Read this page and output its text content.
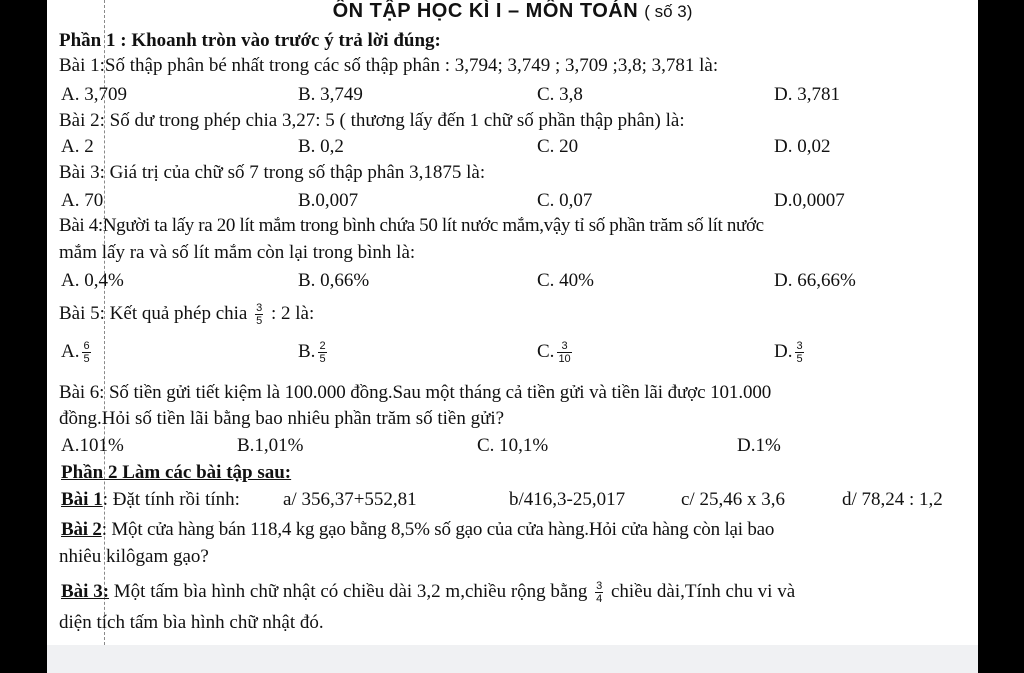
ÔN TẬP HỌC KÌ I – MÔN TOÁN ( số 3)
Phần 1 : Khoanh tròn vào trước ý trả lời đúng:
Bài 1:Số thập phân bé nhất trong các số thập phân : 3,794; 3,749 ; 3,709 ;3,8; 3,781 là:
A. 3,709	B. 3,749	C. 3,8	D. 3,781
Bài 2: Số dư trong phép chia 3,27: 5 ( thương lấy đến 1 chữ số phần thập phân) là:
A. 2	B. 0,2	C. 20	D. 0,02
Bài 3: Giá trị của chữ số 7 trong số thập phân 3,1875 là:
A. 70	B.0,007	C. 0,07	D.0,0007
Bài 4:Người ta lấy ra 20 lít mắm trong bình chứa 50 lít nước mắm,vậy tỉ số phần trăm số lít nước
mắm lấy ra và số lít mắm còn lại trong bình là:
A. 0,4%	B. 0,66%	C. 40%	D. 66,66%
Bài 5: Kết quả phép chia $\frac{3}{5}$ : 2 là:
A. $\frac{6}{5}$	B. $\frac{2}{5}$	C. $\frac{3}{10}$	D. $\frac{3}{5}$
Bài 6: Số tiền gửi tiết kiệm là 100.000 đồng.Sau một tháng cả tiền gửi và tiền lãi được 101.000
đồng.Hỏi số tiền lãi bằng bao nhiêu phần trăm số tiền gửi?
A.101%	B.1,01%	C. 10,1%	D.1%
Phần 2 Làm các bài tập sau:
Bài 1: Đặt tính rồi tính: a/ 356,37+552,81	b/416,3-25,017	c/ 25,46 x 3,6	d/ 78,24 : 1,2
Bài 2: Một cửa hàng bán 118,4 kg gạo bằng 8,5% số gạo của cửa hàng.Hỏi cửa hàng còn lại bao
nhiêu kilôgam gạo?
Bài 3: Một tấm bìa hình chữ nhật có chiều dài 3,2 m,chiều rộng bằng $\frac{3}{4}$ chiều dài,Tính chu vi và
diện tích tấm bìa hình chữ nhật đó.
